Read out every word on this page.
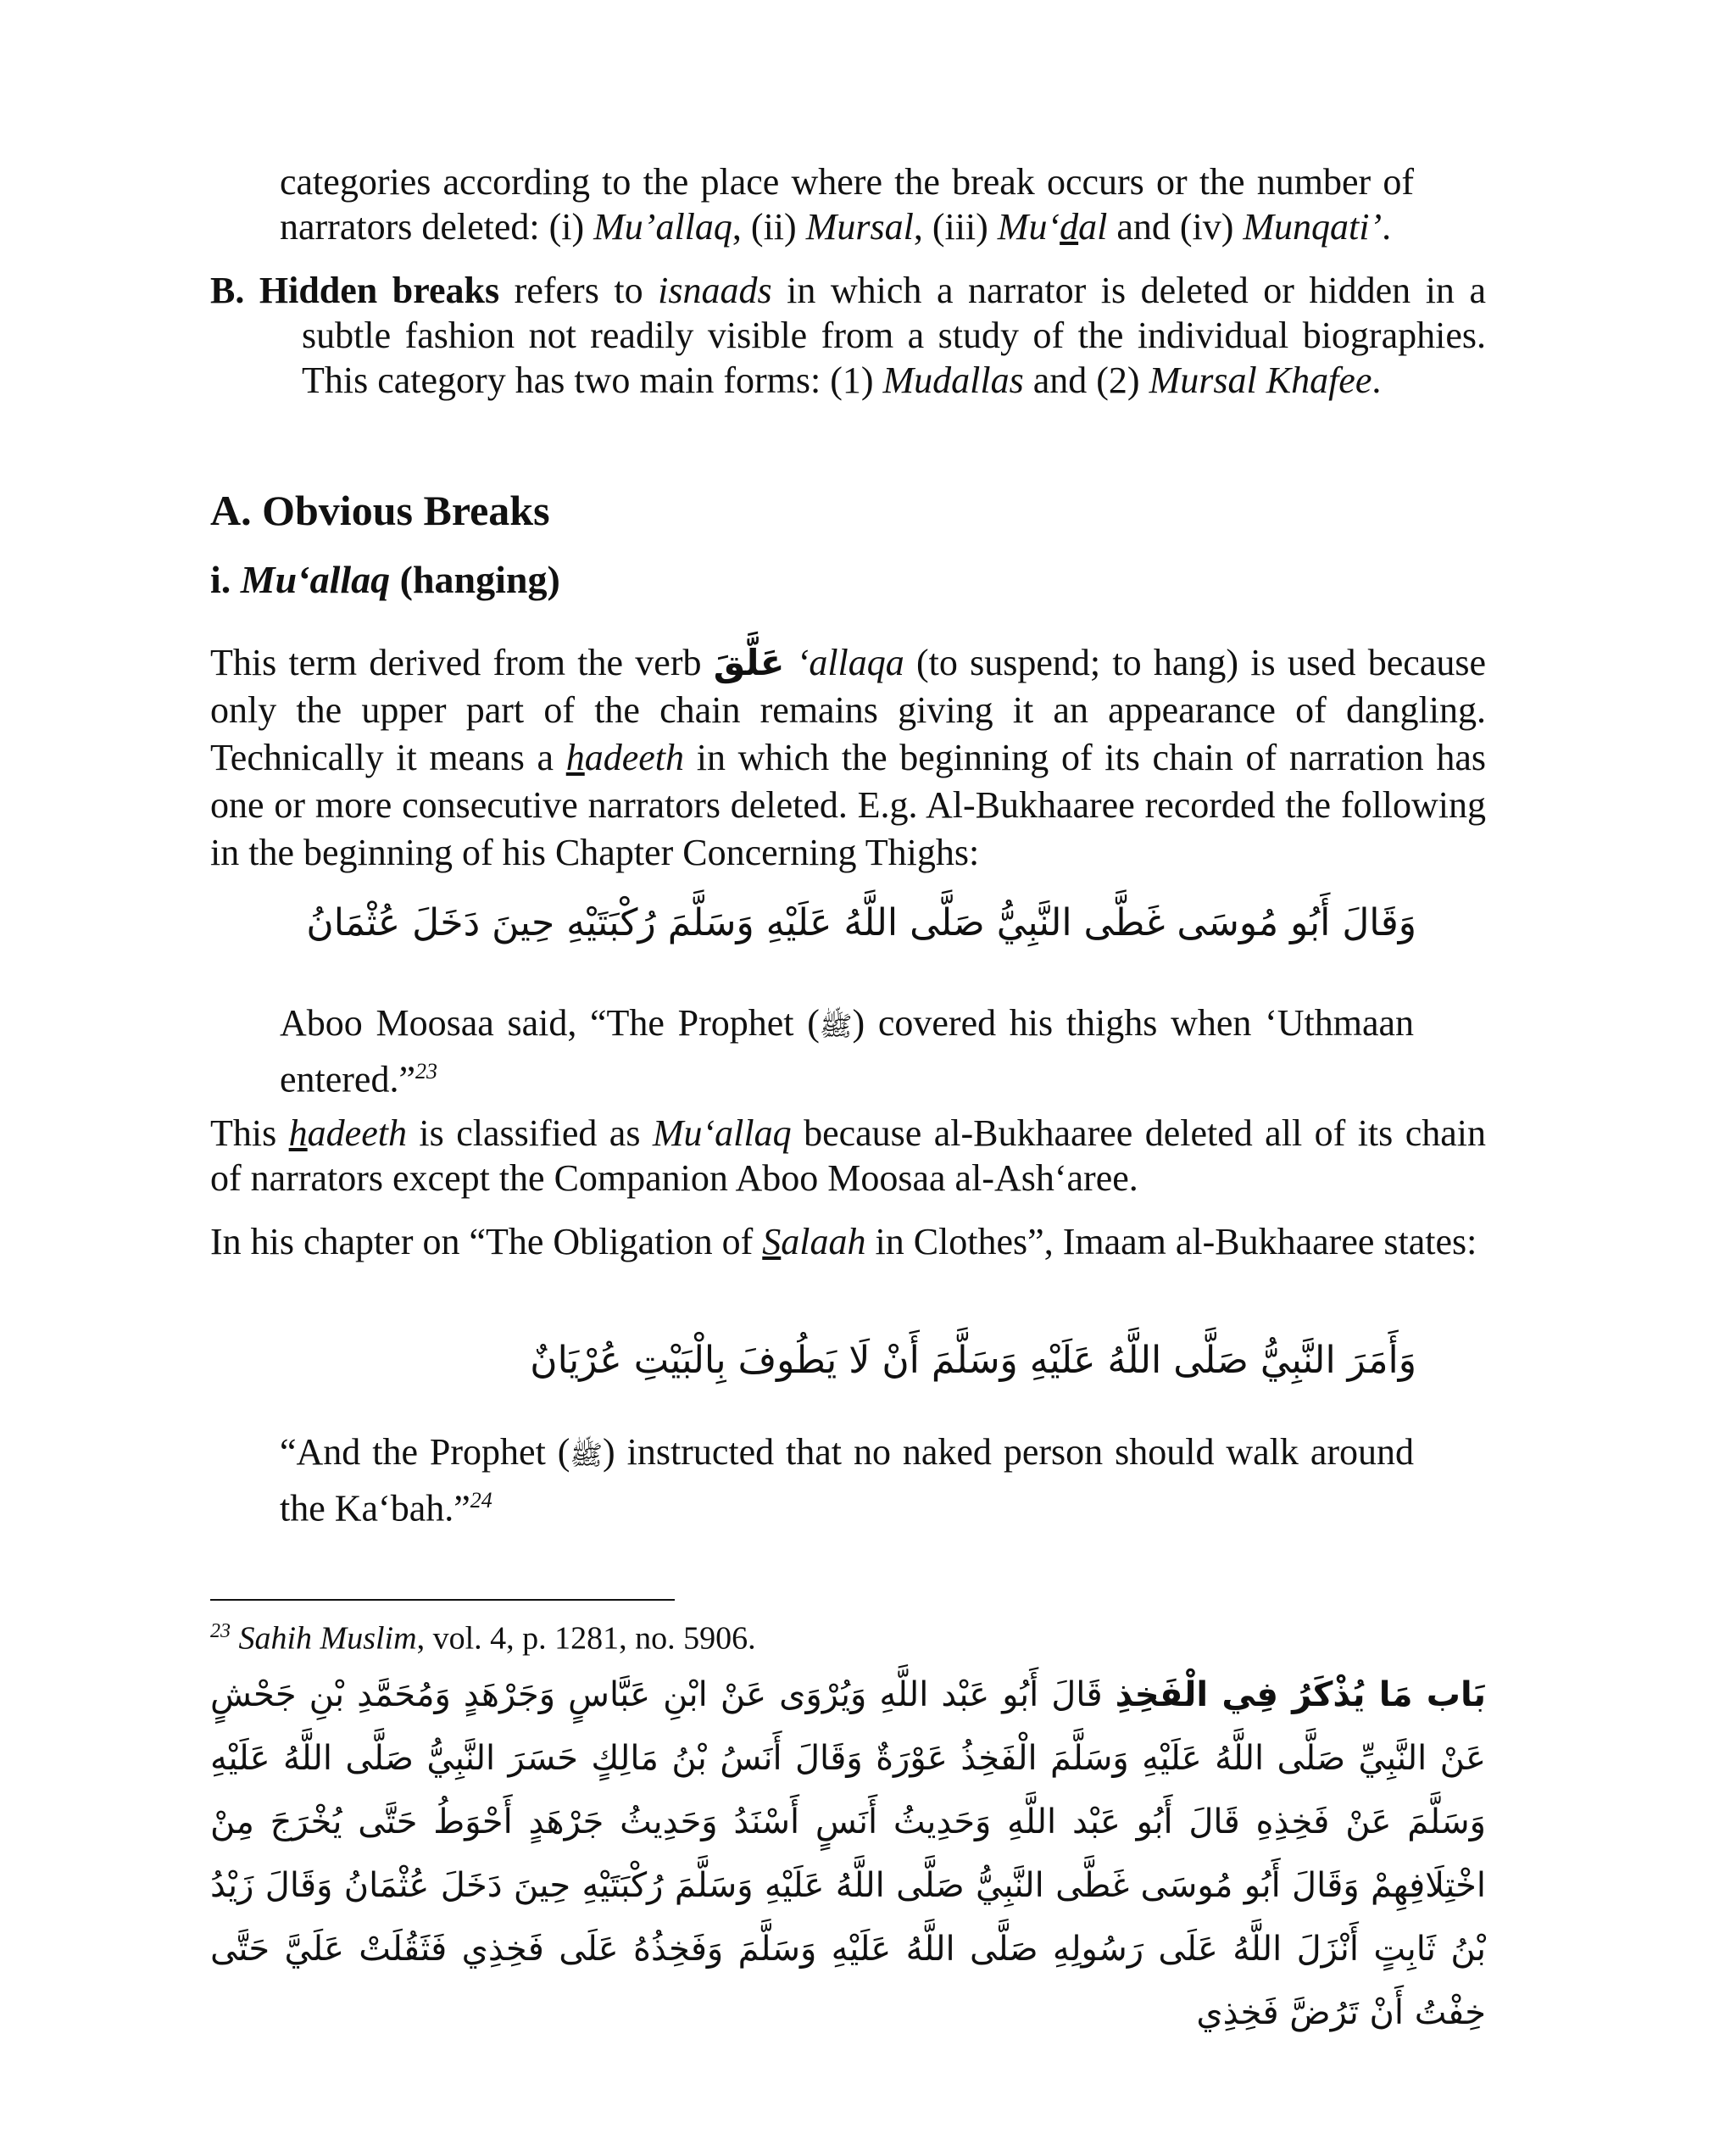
categories according to the place where the break occurs or the number of narrators deleted: (i) Mu’allaq, (ii) Mursal, (iii) Mu‘dal and (iv) Munqati’.

B. Hidden breaks refers to isnaads in which a narrator is deleted or hidden in a subtle fashion not readily visible from a study of the individual biographies. This category has two main forms: (1) Mudallas and (2) Mursal Khafee.

A. Obvious Breaks
i. Mu‘allaq (hanging)

This term derived from the verb عَلَّقَ ‘allaqa (to suspend; to hang) is used because only the upper part of the chain remains giving it an appearance of dangling. Technically it means a hadeeth in which the beginning of its chain of narration has one or more consecutive narrators deleted. E.g. Al-Bukhaaree recorded the following in the beginning of his Chapter Concerning Thighs:

وَقَالَ أَبُو مُوسَى غَطَّى النَّبِيُّ صَلَّى اللَّهُ عَلَيْهِ وَسَلَّمَ رُكْبَتَيْهِ حِينَ دَخَلَ عُثْمَانُ

Aboo Moosaa said, “The Prophet (ﷺ) covered his thighs when ‘Uthmaan entered.”$^{23}$

This hadeeth is classified as Mu‘allaq because al-Bukhaaree deleted all of its chain of narrators except the Companion Aboo Moosaa al-Ash‘aree.

In his chapter on “The Obligation of Salaah in Clothes”, Imaam al-Bukhaaree states:

وَأَمَرَ النَّبِيُّ صَلَّى اللَّهُ عَلَيْهِ وَسَلَّمَ أَنْ لَا يَطُوفَ بِالْبَيْتِ عُرْيَانٌ

“And the Prophet (ﷺ) instructed that no naked person should walk around the Ka‘bah.”$^{24}$

$^{23}$ Sahih Muslim, vol. 4, p. 1281, no. 5906.

بَاب مَا يُذْكَرُ فِي الْفَخِذِ قَالَ أَبُو عَبْد اللَّهِ وَيُرْوَى عَنْ ابْنِ عَبَّاسٍ وَجَرْهَدٍ وَمُحَمَّدِ بْنِ جَحْشٍ عَنْ النَّبِيِّ صَلَّى اللَّهُ عَلَيْهِ وَسَلَّمَ الْفَخِذُ عَوْرَةٌ وَقَالَ أَنَسُ بْنُ مَالِكٍ حَسَرَ النَّبِيُّ صَلَّى اللَّهُ عَلَيْهِ وَسَلَّمَ عَنْ فَخِذِهِ قَالَ أَبُو عَبْد اللَّهِ وَحَدِيثُ أَنَسٍ أَسْنَدُ وَحَدِيثُ جَرْهَدٍ أَحْوَطُ حَتَّى يُخْرَجَ مِنْ اخْتِلَافِهِمْ وَقَالَ أَبُو مُوسَى غَطَّى النَّبِيُّ صَلَّى اللَّهُ عَلَيْهِ وَسَلَّمَ رُكْبَتَيْهِ حِينَ دَخَلَ عُثْمَانُ وَقَالَ زَيْدُ بْنُ ثَابِتٍ أَنْزَلَ اللَّهُ عَلَى رَسُولِهِ صَلَّى اللَّهُ عَلَيْهِ وَسَلَّمَ وَفَخِذُهُ عَلَى فَخِذِي فَثَقُلَتْ عَلَيَّ حَتَّى خِفْتُ أَنْ تَرُضَّ فَخِذِي
